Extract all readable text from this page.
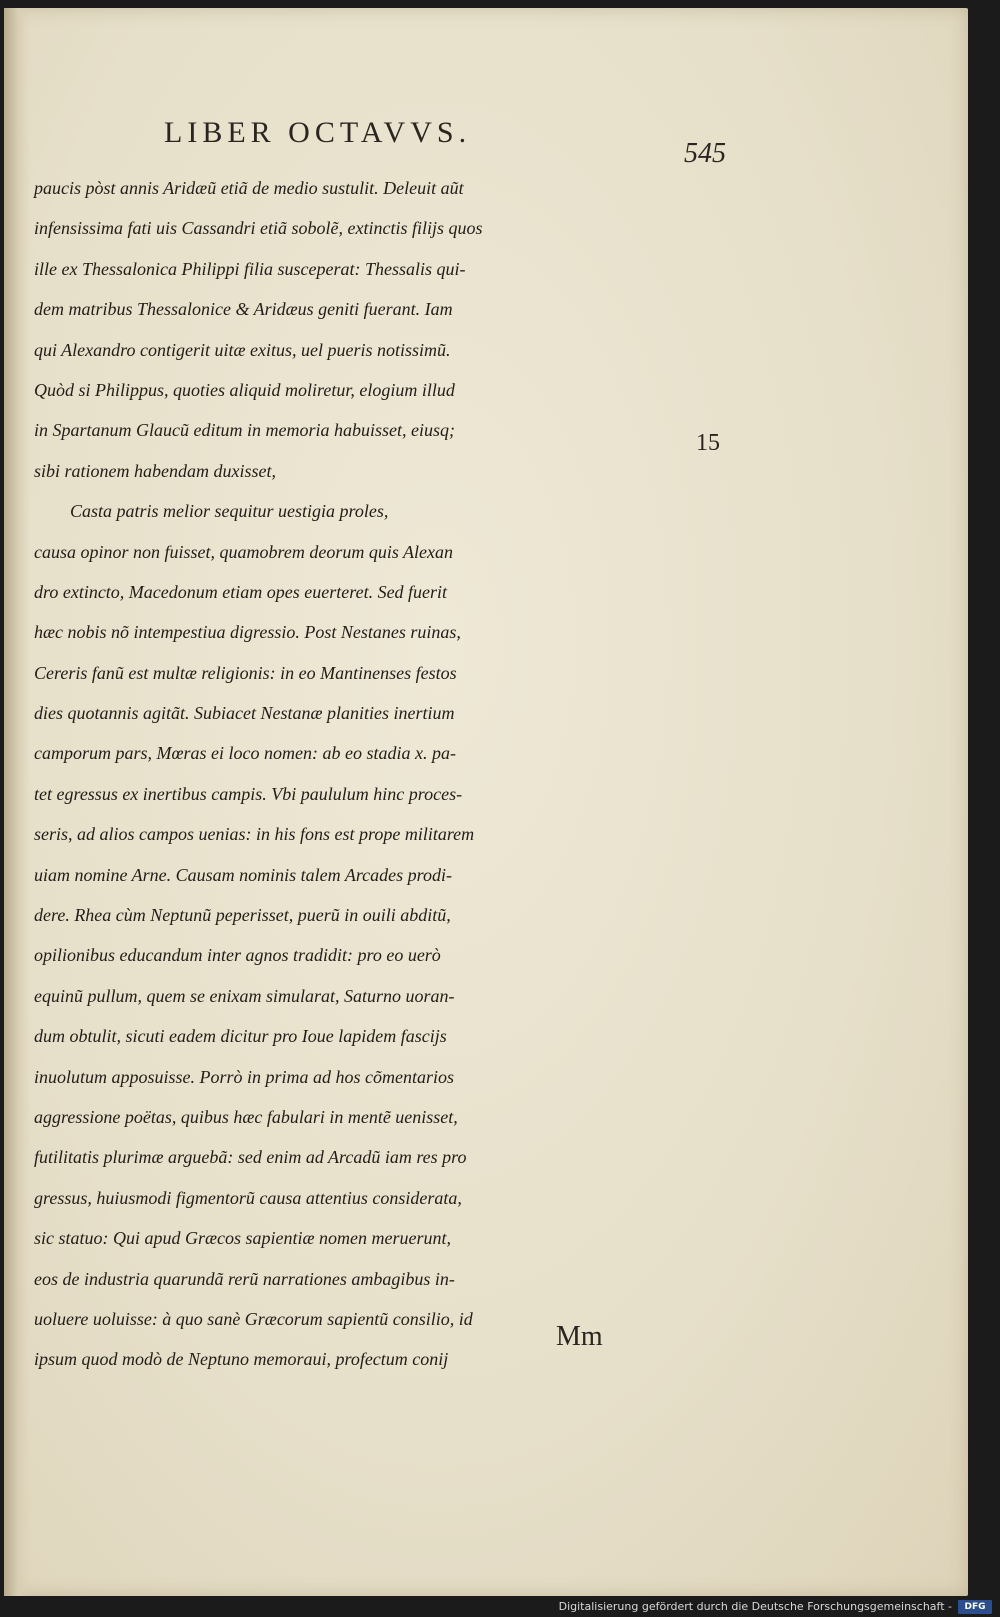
LIBER OCTAVVS.
545
paucis pòst annis Aridæũ etiã de medio sustulit. Deleuit aũt
infensissima fati uis Cassandri etiã sobolẽ, extinctis filijs quos
ille ex Thessalonica Philippi filia susceperat: Thessalis qui-
dem matribus Thessalonice & Aridæus geniti fuerant. Iam
qui Alexandro contigerit uitæ exitus, uel pueris notissimũ.
Quòd si Philippus, quoties aliquid moliretur, elogium illud
in Spartanum Glaucũ editum in memoria habuisset, eiusq;
sibi rationem habendam duxisset,
Casta patris melior sequitur uestigia proles,
causa opinor non fuisset, quamobrem deorum quis Alexan
dro extincto, Macedonum etiam opes euerteret. Sed fuerit
hæc nobis nõ intempestiua digressio. Post Nestanes ruinas,
Cereris fanũ est multæ religionis: in eo Mantinenses festos
dies quotannis agitãt. Subiacet Nestanæ planities inertium
camporum pars, Mœras ei loco nomen: ab eo stadia x. pa-
tet egressus ex inertibus campis. Vbi paululum hinc proces-
seris, ad alios campos uenias: in his fons est prope militarem
uiam nomine Arne. Causam nominis talem Arcades prodi-
dere. Rhea cùm Neptunũ peperisset, puerũ in ouili abditũ,
opilionibus educandum inter agnos tradidit: pro eo uerò
equinũ pullum, quem se enixam simularat, Saturno uoran-
dum obtulit, sicuti eadem dicitur pro Ioue lapidem fascijs
inuolutum apposuisse. Porrò in prima ad hos cõmentarios
aggressione poëtas, quibus hæc fabulari in mentẽ uenisset,
futilitatis plurimæ arguebã: sed enim ad Arcadũ iam res pro
gressus, huiusmodi figmentorũ causa attentius considerata,
sic statuo: Qui apud Græcos sapientiæ nomen meruerunt,
eos de industria quarundã rerũ narrationes ambagibus in-
uoluere uoluisse: à quo sanè Græcorum sapientũ consilio, id
ipsum quod modò de Neptuno memoraui, profectum conij
15
Mm
Digitalisierung gefördert durch die Deutsche Forschungsgemeinschaft -	DFG
